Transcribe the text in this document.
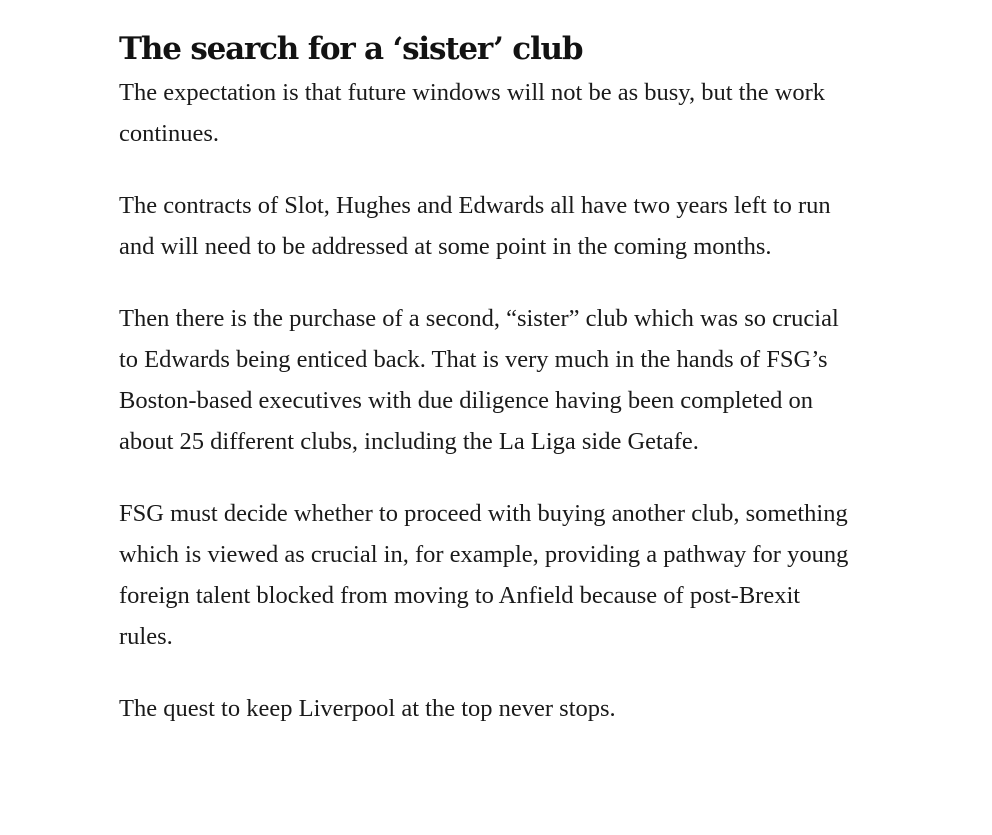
The search for a ‘sister’ club

The expectation is that future windows will not be as busy, but the work continues.

The contracts of Slot, Hughes and Edwards all have two years left to run and will need to be addressed at some point in the coming months.

Then there is the purchase of a second, “sister” club which was so crucial to Edwards being enticed back. That is very much in the hands of FSG’s Boston-based executives with due diligence having been completed on about 25 different clubs, including the La Liga side Getafe.

FSG must decide whether to proceed with buying another club, something which is viewed as crucial in, for example, providing a pathway for young foreign talent blocked from moving to Anfield because of post-Brexit rules.

The quest to keep Liverpool at the top never stops.
